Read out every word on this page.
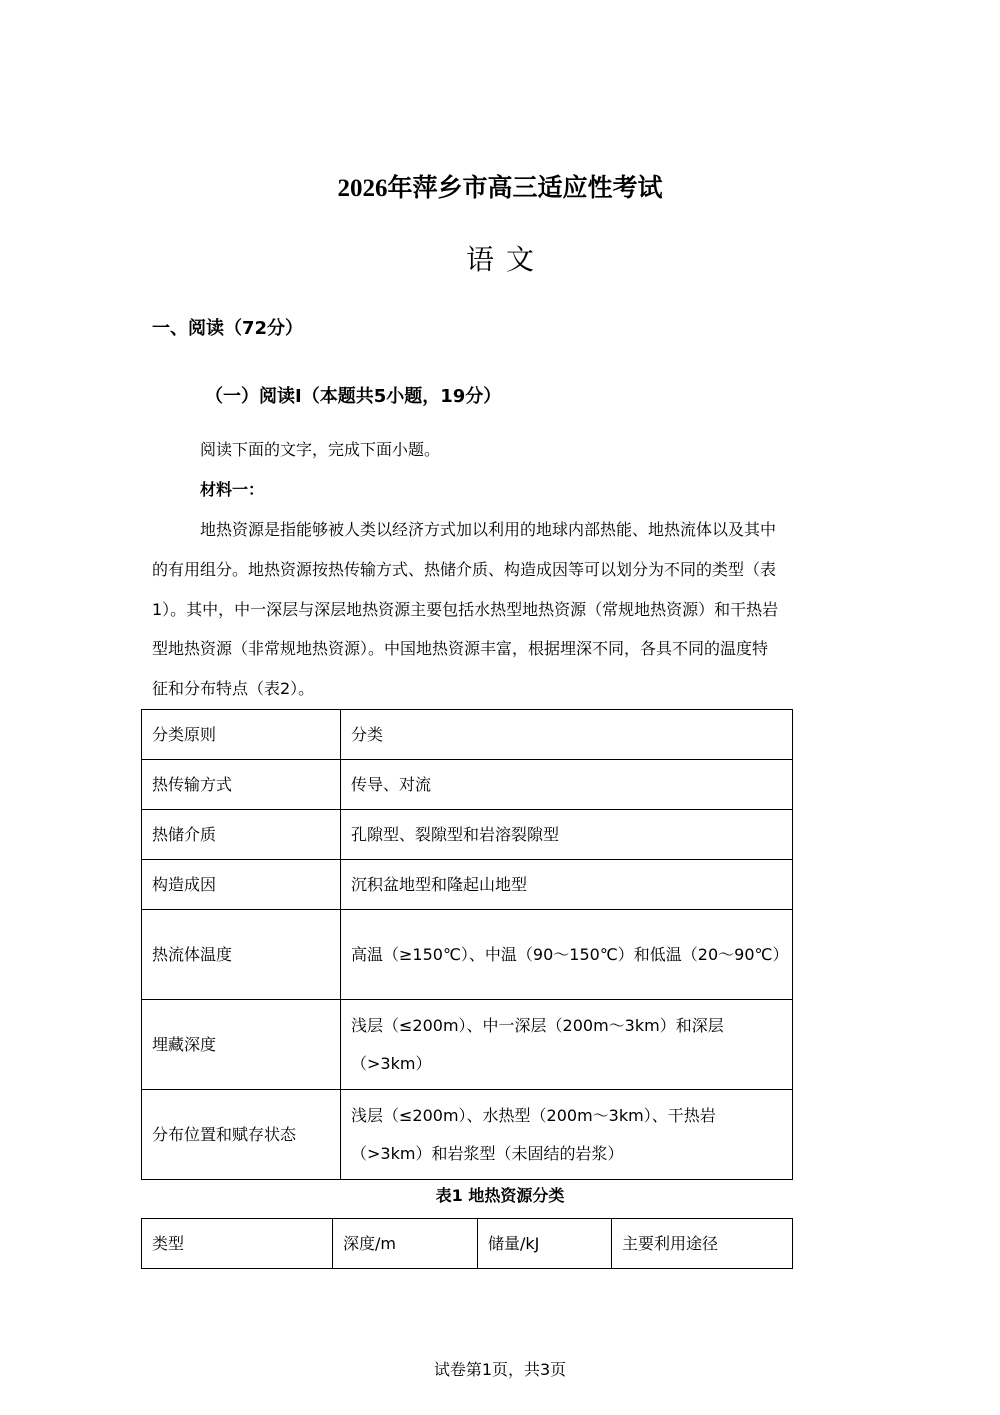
2026年萍乡市高三适应性考试
语文
一、阅读（72分）
（一）阅读I（本题共5小题，19分）
阅读下面的文字，完成下面小题。
材料一：
地热资源是指能够被人类以经济方式加以利用的地球内部热能、地热流体以及其中
的有用组分。地热资源按热传输方式、热储介质、构造成因等可以划分为不同的类型（表
1）。其中，中一深层与深层地热资源主要包括水热型地热资源（常规地热资源）和干热岩
型地热资源（非常规地热资源）。中国地热资源丰富，根据埋深不同，各具不同的温度特
征和分布特点（表2）。
分类原则	分类
热传输方式	传导、对流
热储介质	孔隙型、裂隙型和岩溶裂隙型
构造成因	沉积盆地型和隆起山地型
热流体温度	高温（≥150℃）、中温（90～150℃）和低温（20～90℃）
埋藏深度	浅层（≤200m）、中一深层（200m～3km）和深层（>3km）
分布位置和赋存状态	浅层（≤200m）、水热型（200m～3km）、干热岩（>3km）和岩浆型（未固结的岩浆）
表1 地热资源分类
类型	深度/m	储量/kJ	主要利用途径
试卷第1页，共3页
